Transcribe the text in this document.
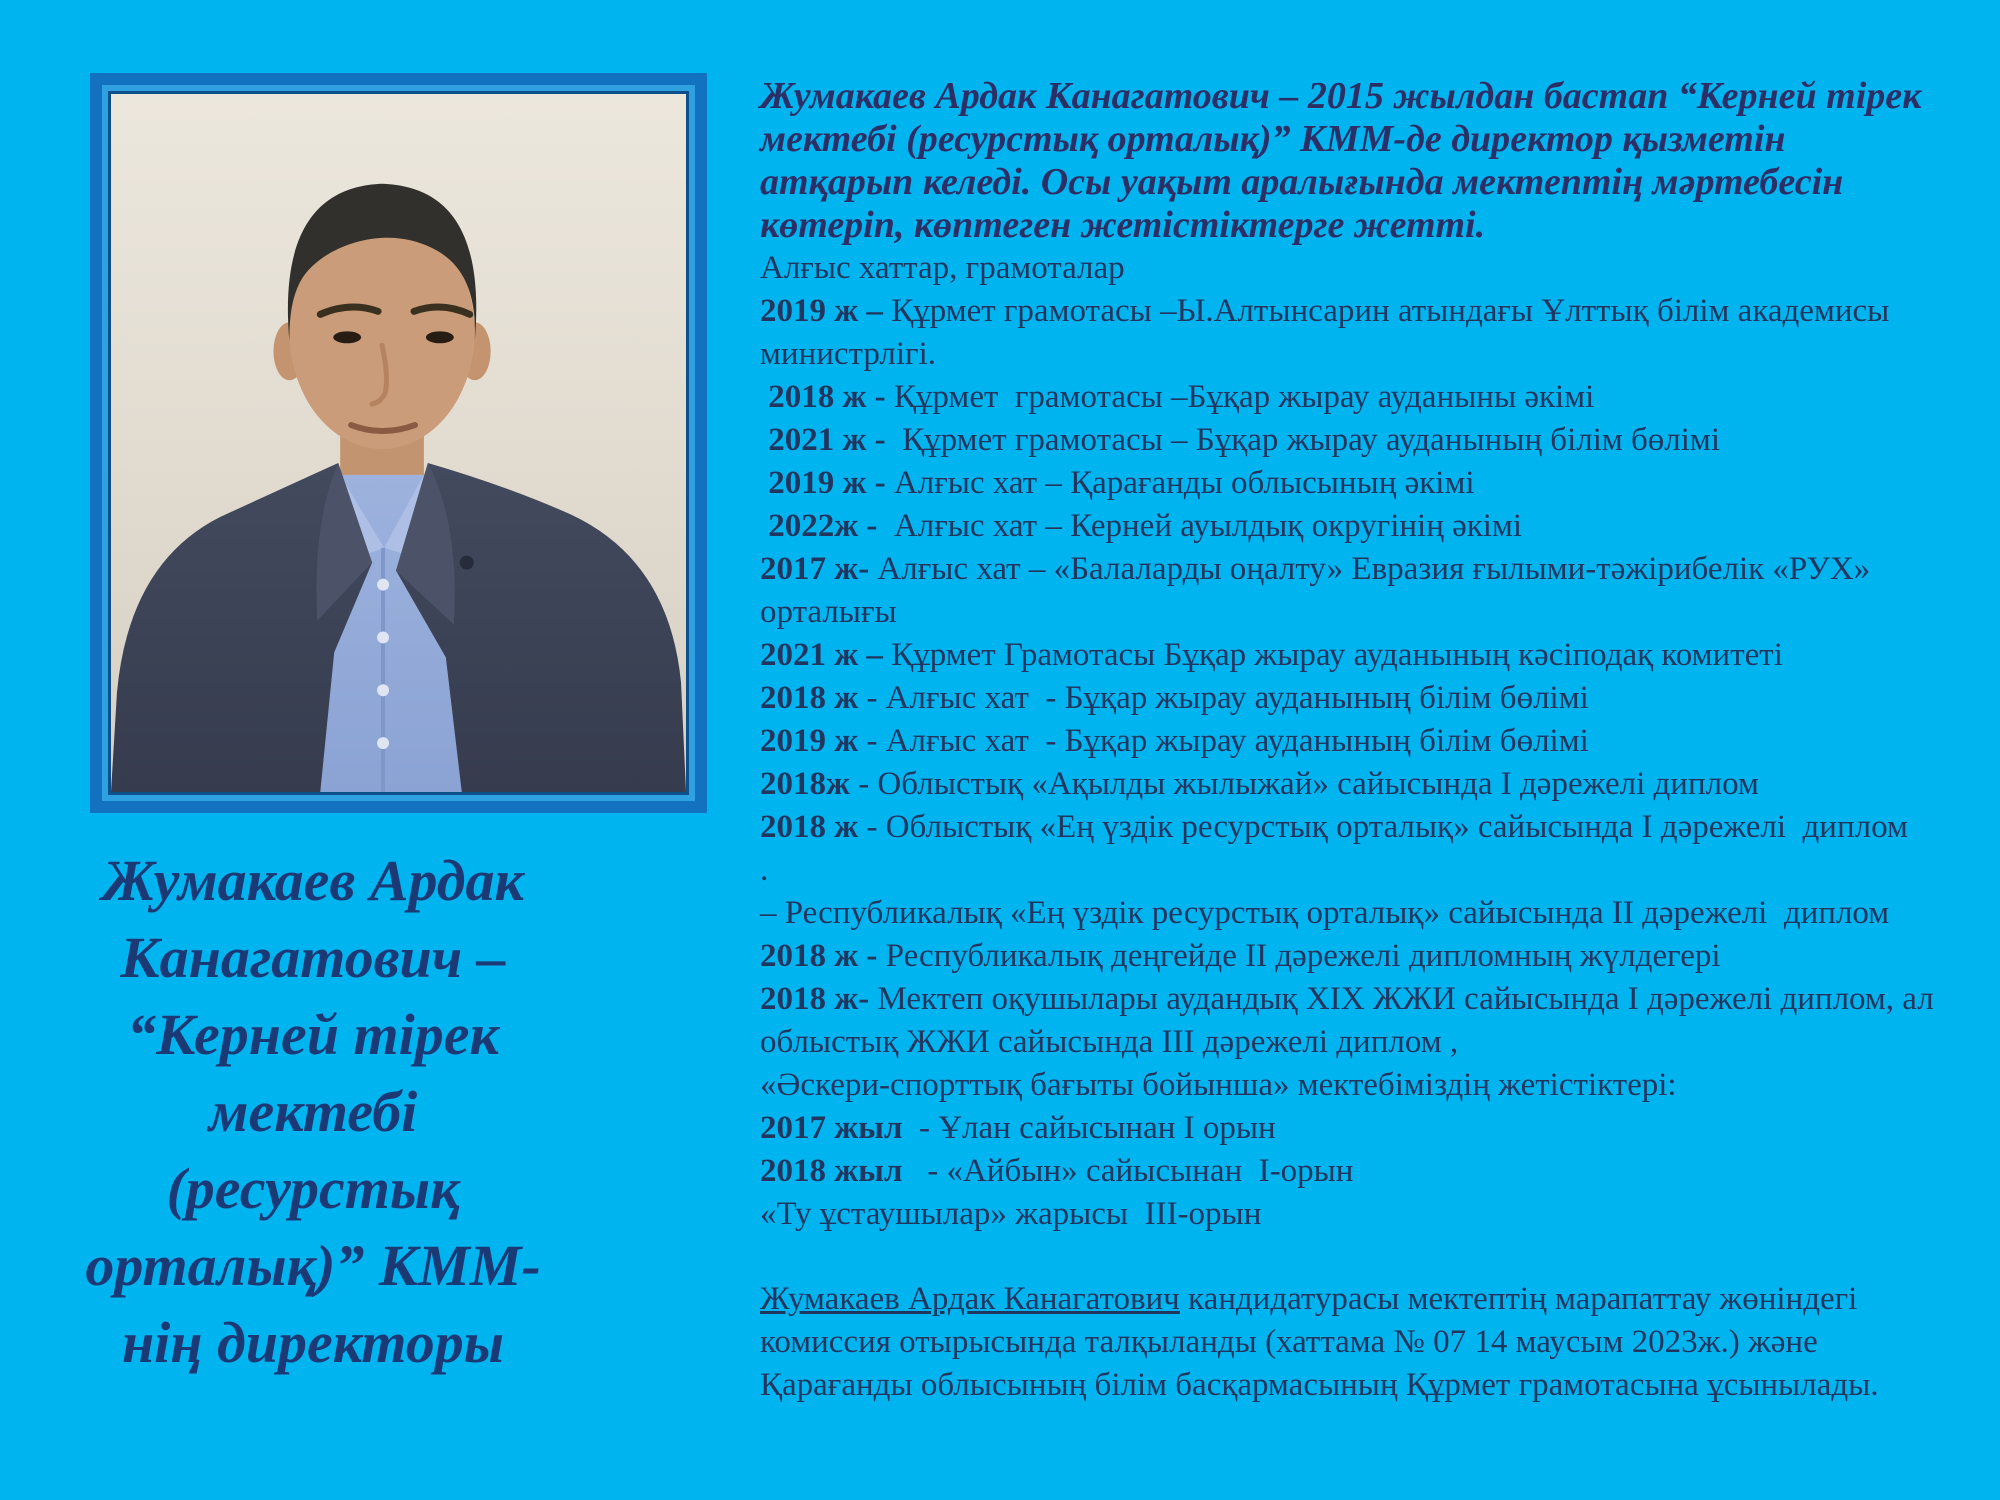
Жумакаев Ардак
Канагатович –
“Керней тірек
мектебі
(ресурстық
орталық)” КММ-
нің директоры

Жумакаев Ардак Канагатович – 2015 жылдан бастап “Керней тірек мектебі (ресурстық орталық)” КММ-де директор қызметін атқарып келеді. Осы уақыт аралығында мектептің мәртебесін көтеріп, көптеген жетістіктерге жетті.

Алғыс хаттар, грамоталар
2019 ж – Құрмет грамотасы –Ы.Алтынсарин атындағы Ұлттық білім академисы министрлігі.
2018 ж - Құрмет  грамотасы –Бұқар жырау ауданыны әкімі
2021 ж -  Құрмет грамотасы – Бұқар жырау ауданының білім бөлімі
2019 ж - Алғыс хат – Қарағанды облысының әкімі
2022ж -  Алғыс хат – Керней ауылдық округінің әкімі
2017 ж- Алғыс хат – «Балаларды оңалту» Евразия ғылыми-тәжірибелік «РУХ» орталығы
2021 ж – Құрмет Грамотасы Бұқар жырау ауданының кәсіподақ комитеті
2018 ж - Алғыс хат  - Бұқар жырау ауданының білім бөлімі
2019 ж - Алғыс хат  - Бұқар жырау ауданының білім бөлімі
2018ж - Облыстық «Ақылды жылыжай» сайысында I дәрежелі диплом
2018 ж - Облыстық «Ең үздік ресурстық орталық» сайысында I дәрежелі  диплом
.
– Республикалық «Ең үздік ресурстық орталық» сайысында II дәрежелі  диплом
2018 ж - Республикалық деңгейде II дәрежелі дипломның жүлдегері
2018 ж- Мектеп оқушылары аудандық XIX ЖЖИ сайысында I дәрежелі диплом, ал облыстық ЖЖИ сайысында III дәрежелі диплом ,
«Әскери-спорттық бағыты бойынша» мектебіміздің жетістіктері:
2017 жыл  - Ұлан сайысынан I орын
2018 жыл   - «Айбын» сайысынан  I-орын
«Ту ұстаушылар» жарысы  III-орын

Жумакаев Ардак Канагатович кандидатурасы мектептің марапаттау жөніндегі комиссия отырысында талқыланды (хаттама № 07 14 маусым 2023ж.) және Қарағанды облысының білім басқармасының Құрмет грамотасына ұсынылады.
